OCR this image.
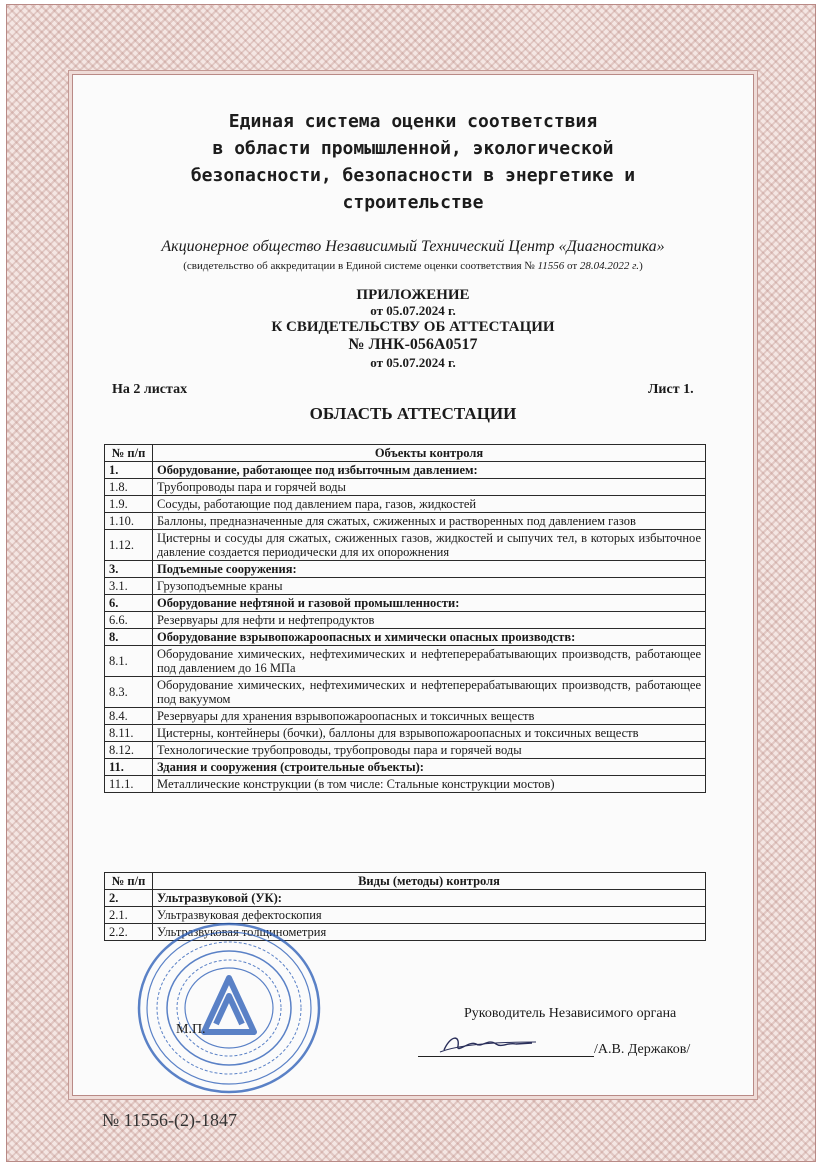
Единая система оценки соответствия
в области промышленной, экологической
безопасности, безопасности в энергетике и
строительстве
Акционерное общество Независимый Технический Центр «Диагностика»
(свидетельство об аккредитации в Единой системе оценки соответствия № 11556 от 28.04.2022 г.)
ПРИЛОЖЕНИЕ
от 05.07.2024 г.
К СВИДЕТЕЛЬСТВУ ОБ АТТЕСТАЦИИ
№ ЛНК-056А0517
от 05.07.2024 г.
На 2 листах	Лист 1.
ОБЛАСТЬ АТТЕСТАЦИИ
№ п/п	Объекты контроля
1.	Оборудование, работающее под избыточным давлением:
1.8.	Трубопроводы пара и горячей воды
1.9.	Сосуды, работающие под давлением пара, газов, жидкостей
1.10.	Баллоны, предназначенные для сжатых, сжиженных и растворенных под давлением газов
1.12.	Цистерны и сосуды для сжатых, сжиженных газов, жидкостей и сыпучих тел, в которых избыточное давление создается периодически для их опорожнения
3.	Подъемные сооружения:
3.1.	Грузоподъемные краны
6.	Оборудование нефтяной и газовой промышленности:
6.6.	Резервуары для нефти и нефтепродуктов
8.	Оборудование взрывопожароопасных и химически опасных производств:
8.1.	Оборудование химических, нефтехимических и нефтеперерабатывающих производств, работающее под давлением до 16 МПа
8.3.	Оборудование химических, нефтехимических и нефтеперерабатывающих производств, работающее под вакуумом
8.4.	Резервуары для хранения взрывопожароопасных и токсичных веществ
8.11.	Цистерны, контейнеры (бочки), баллоны для взрывопожароопасных и токсичных веществ
8.12.	Технологические трубопроводы, трубопроводы пара и горячей воды
11.	Здания и сооружения (строительные объекты):
11.1.	Металлические конструкции (в том числе: Стальные конструкции мостов)
№ п/п	Виды (методы) контроля
2.	Ультразвуковой (УК):
2.1.	Ультразвуковая дефектоскопия
2.2.	Ультразвуковая толщинометрия
М.П.
Руководитель Независимого органа
/А.В. Держаков/
№ 11556-(2)-1847
